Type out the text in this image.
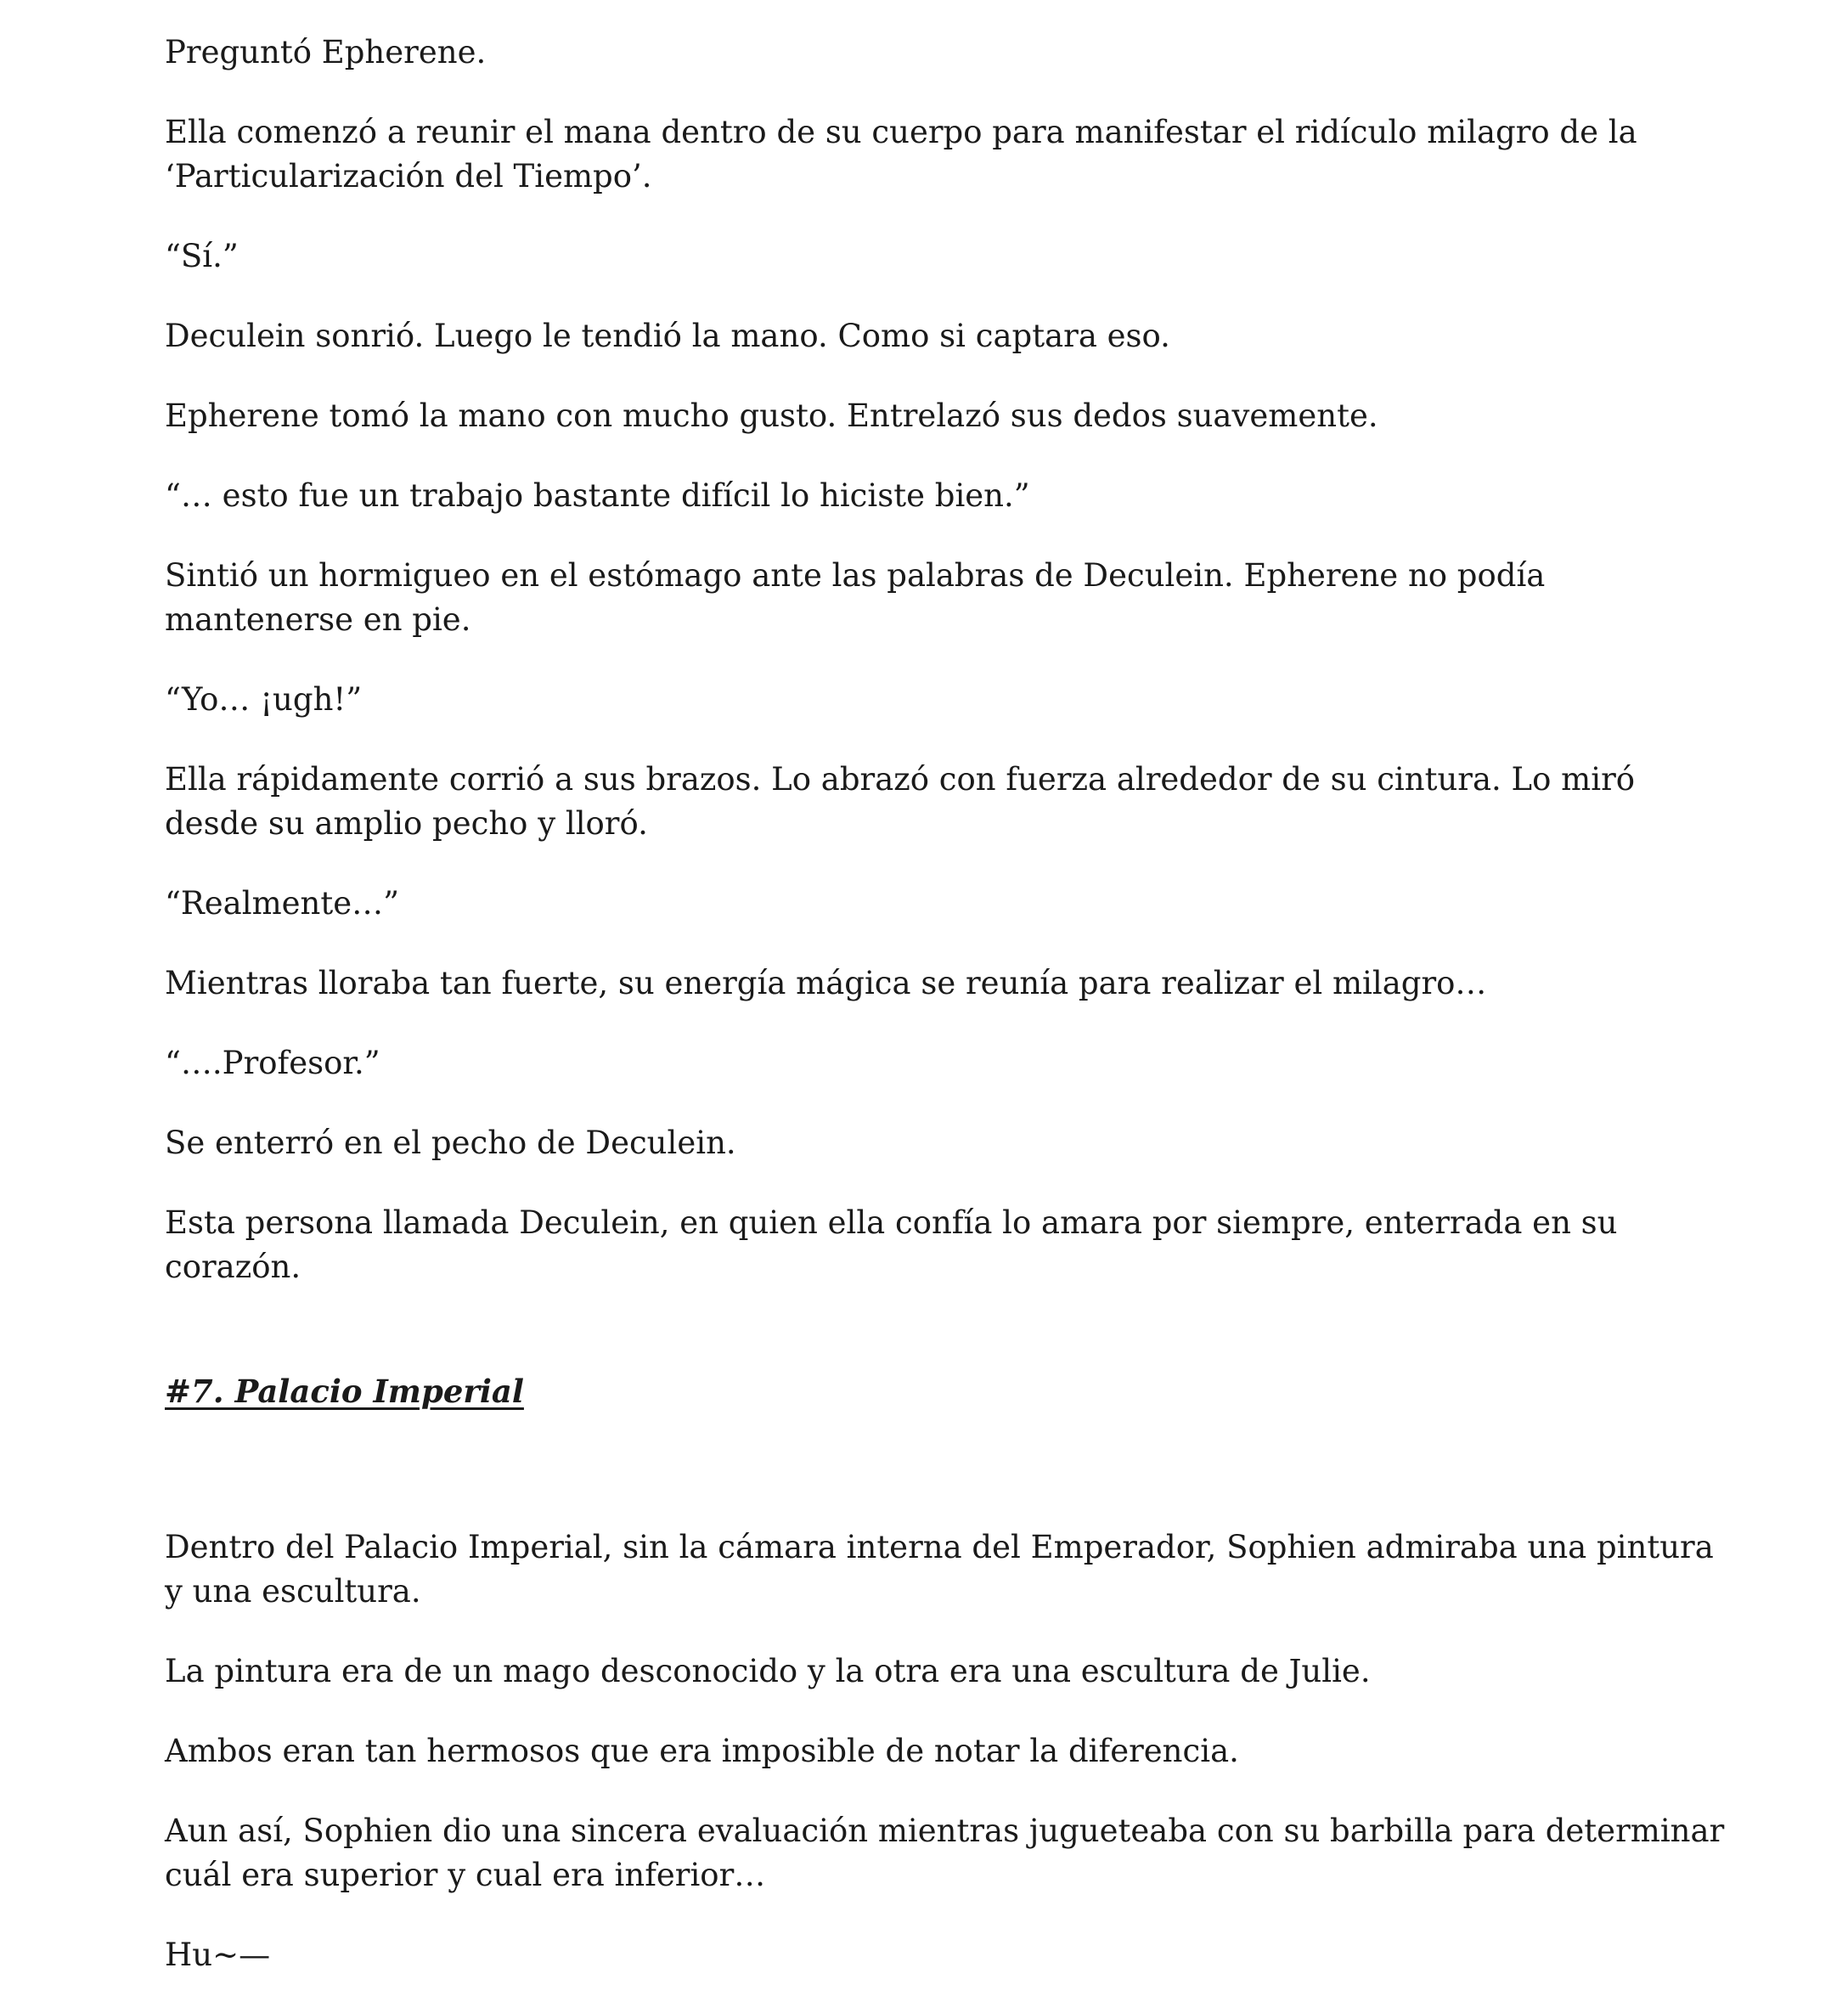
Preguntó Epherene.

Ella comenzó a reunir el mana dentro de su cuerpo para manifestar el ridículo milagro de la ‘Particularización del Tiempo’.

“Sí.”

Deculein sonrió. Luego le tendió la mano. Como si captara eso.

Epherene tomó la mano con mucho gusto. Entrelazó sus dedos suavemente.

“… esto fue un trabajo bastante difícil lo hiciste bien.”

Sintió un hormigueo en el estómago ante las palabras de Deculein. Epherene no podía mantenerse en pie.

“Yo… ¡ugh!”

Ella rápidamente corrió a sus brazos. Lo abrazó con fuerza alrededor de su cintura. Lo miró desde su amplio pecho y lloró.

“Realmente…”

Mientras lloraba tan fuerte, su energía mágica se reunía para realizar el milagro…

“….Profesor.”

Se enterró en el pecho de Deculein.

Esta persona llamada Deculein, en quien ella confía lo amara por siempre, enterrada en su corazón.

#7. Palacio Imperial

Dentro del Palacio Imperial, sin la cámara interna del Emperador, Sophien admiraba una pintura y una escultura.

La pintura era de un mago desconocido y la otra era una escultura de Julie.

Ambos eran tan hermosos que era imposible de notar la diferencia.

Aun así, Sophien dio una sincera evaluación mientras jugueteaba con su barbilla para determinar cuál era superior y cual era inferior…

Hu~—
